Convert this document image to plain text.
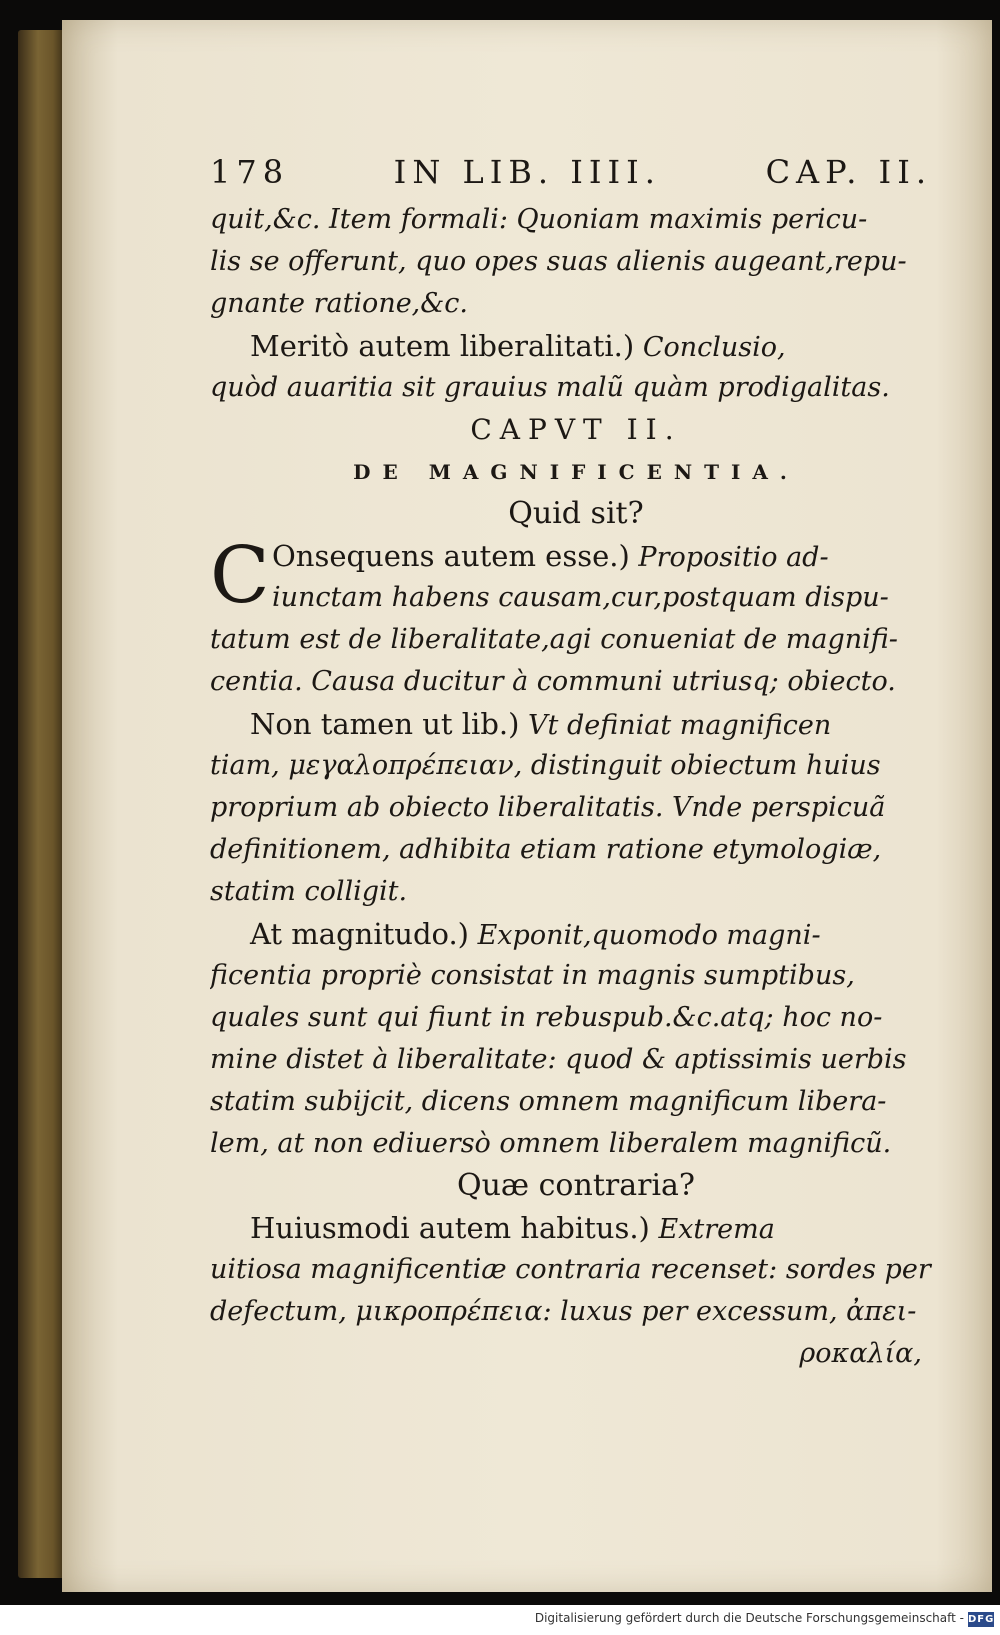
178	IN LIB. IIII.	CAP. II.
quit,&c. Item formali: Quoniam maximis pericu-
lis se offerunt, quo opes suas alienis augeant,repu-
gnante ratione,&c.
Meritò autem liberalitati.) Conclusio,
quòd auaritia sit grauius malũ quàm prodigalitas.
CAPVT II.
DE MAGNIFICENTIA.
Quid sit?
C Onsequens autem esse.) Propositio ad-
iunctam habens causam,cur,postquam dispu-
tatum est de liberalitate,agi conueniat de magnifi-
centia. Causa ducitur à communi utriusq; obiecto.
Non tamen ut lib.) Vt definiat magnificen
tiam, μεγαλοπρέπειαν, distinguit obiectum huius
proprium ab obiecto liberalitatis. Vnde perspicuã
definitionem, adhibita etiam ratione etymologiæ,
statim colligit.
At magnitudo.) Exponit,quomodo magni-
ficentia propriè consistat in magnis sumptibus,
quales sunt qui fiunt in rebuspub.&c.atq; hoc no-
mine distet à liberalitate: quod & aptissimis uerbis
statim subijcit, dicens omnem magnificum libera-
lem, at non ediuersò omnem liberalem magnificũ.
Quæ contraria?
Huiusmodi autem habitus.) Extrema
uitiosa magnificentiæ contraria recenset: sordes per
defectum, μικροπρέπεια: luxus per excessum, ἀπει-
ροκαλία,
Digitalisierung gefördert durch die Deutsche Forschungsgemeinschaft - DFG
